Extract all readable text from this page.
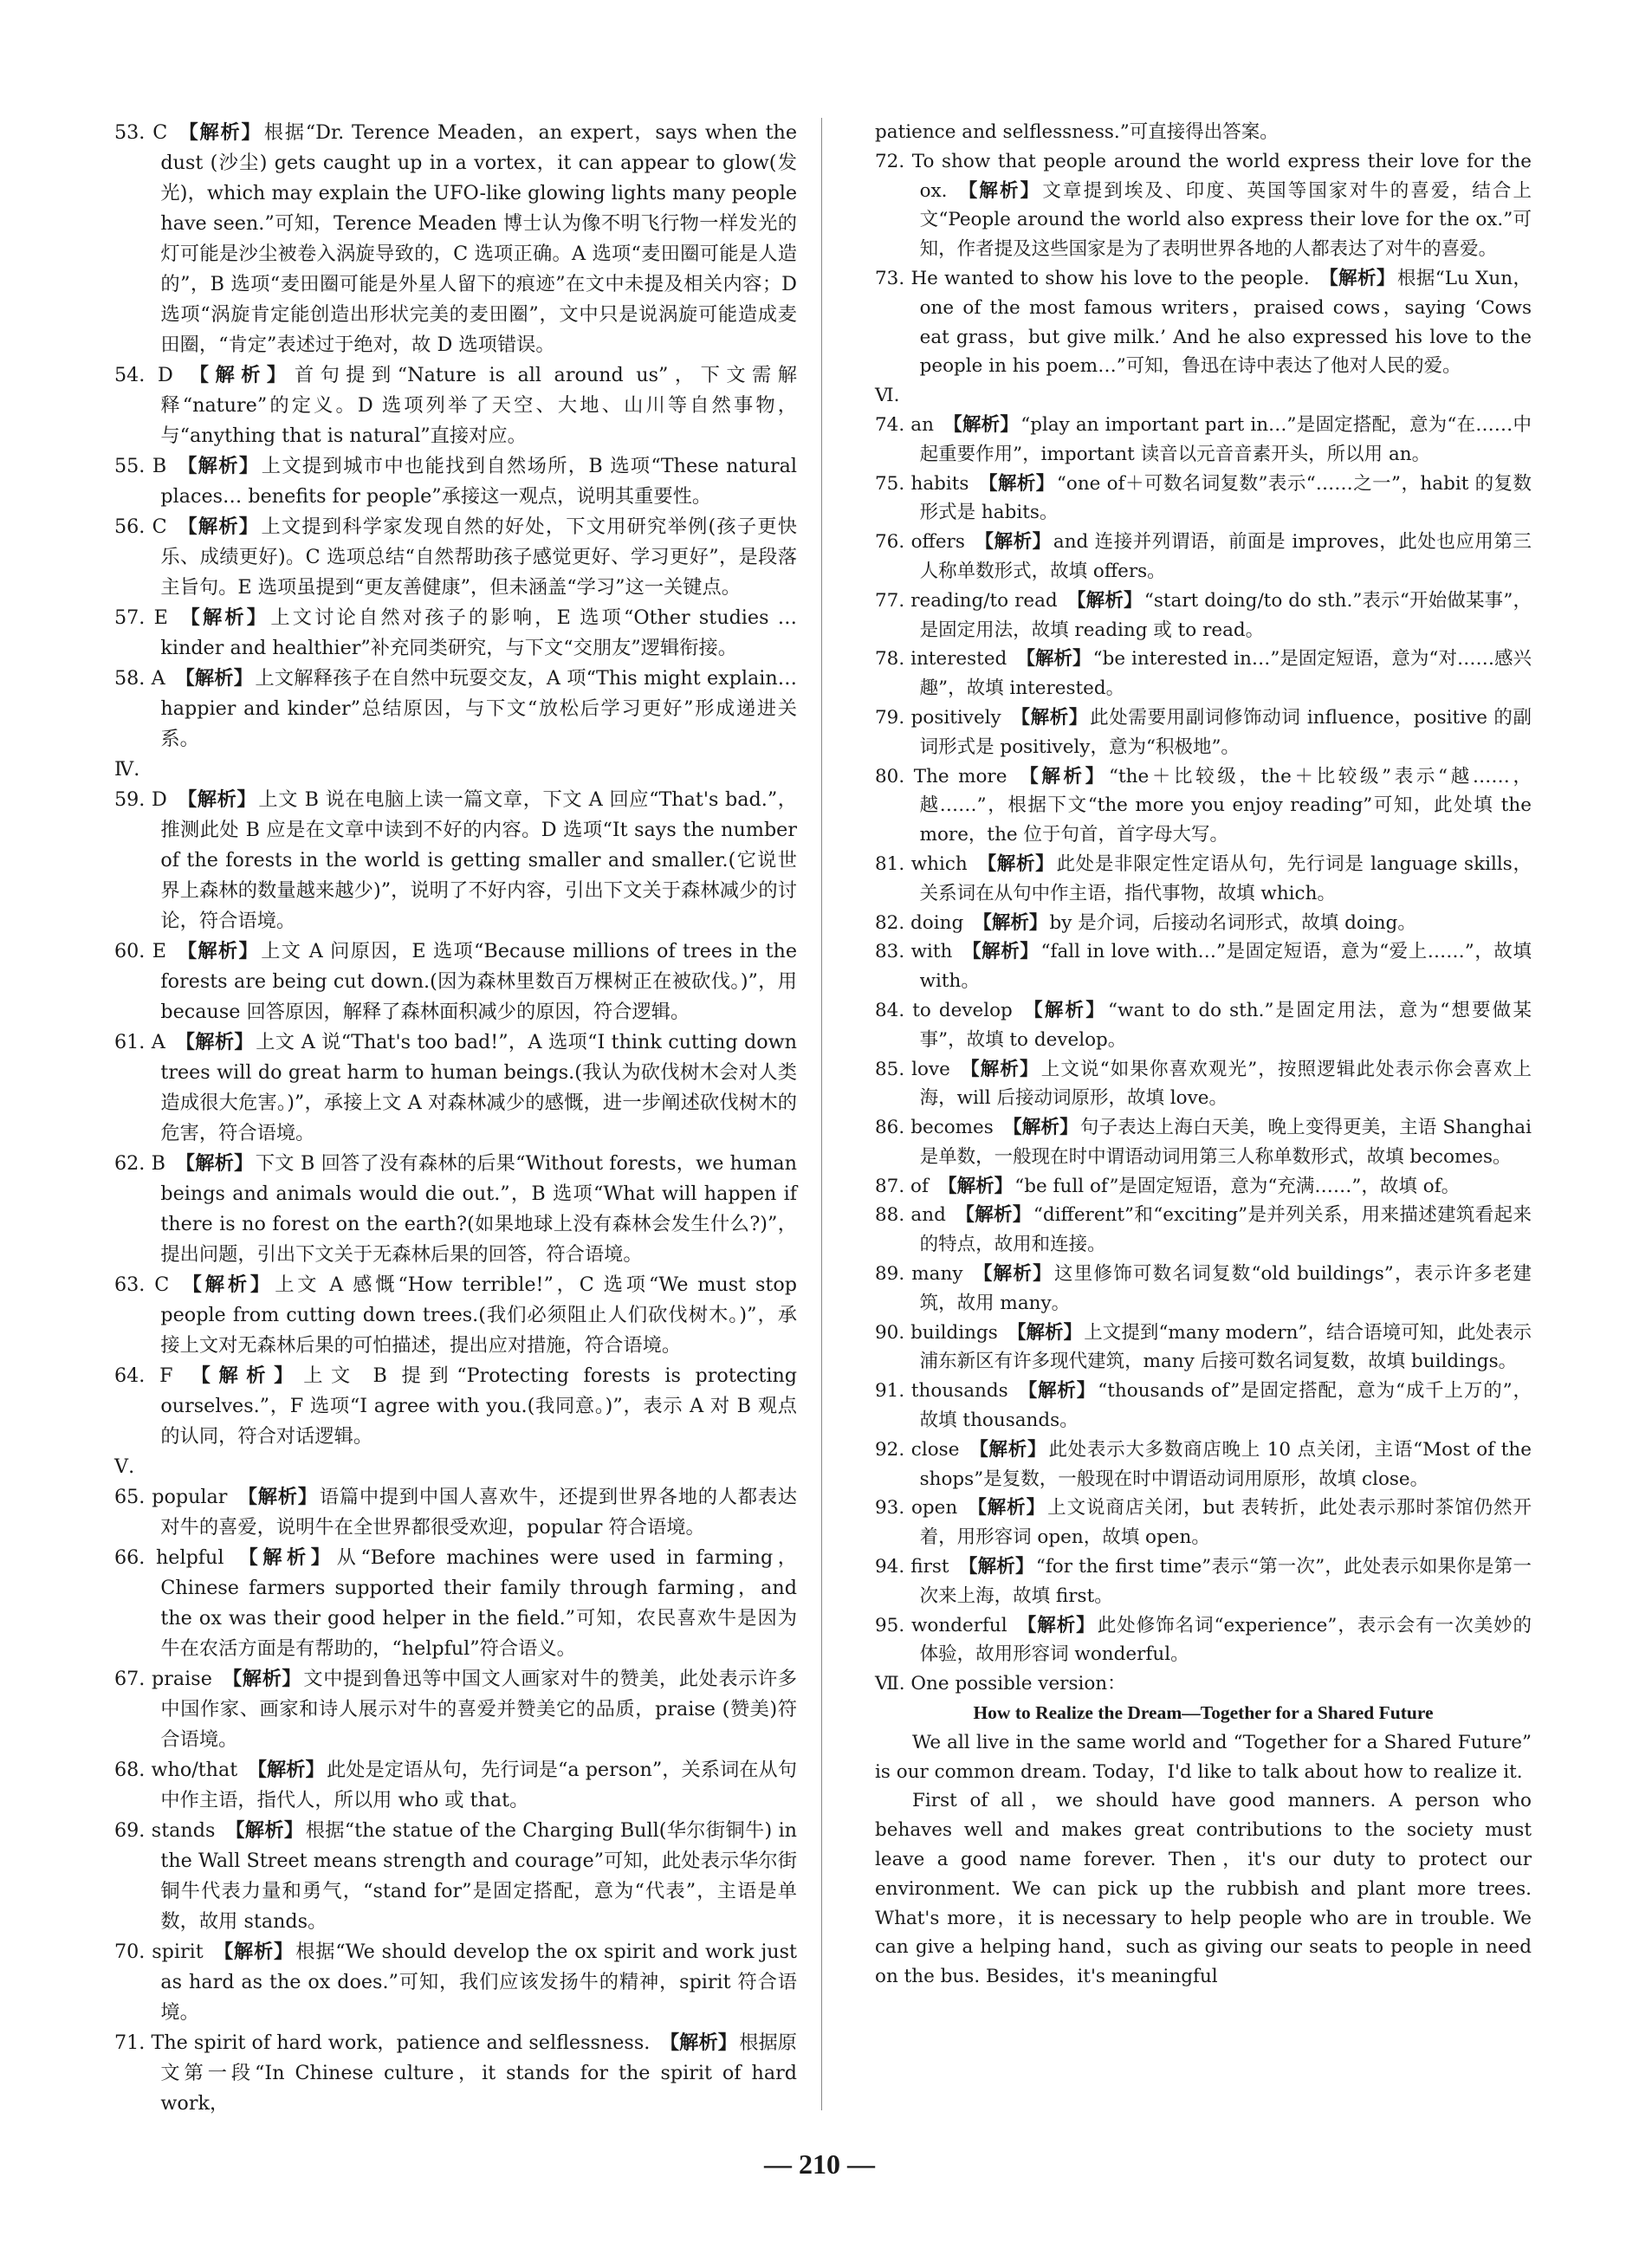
53. C 【解析】根据“Dr. Terence Meaden，an expert，says when the dust (沙尘) gets caught up in a vortex，it can appear to glow(发光)，which may explain the UFO-like glowing lights many people have seen.”可知，Terence Meaden 博士认为像不明飞行物一样发光的灯可能是沙尘被卷入涡旋导致的，C 选项正确。A 选项“麦田圈可能是人造的”，B 选项“麦田圈可能是外星人留下的痕迹”在文中未提及相关内容；D 选项“涡旋肯定能创造出形状完美的麦田圈”，文中只是说涡旋可能造成麦田圈，“肯定”表述过于绝对，故 D 选项错误。

54. D 【解析】首句提到“Nature is all around us”，下文需解释“nature”的定义。D 选项列举了天空、大地、山川等自然事物，与“anything that is natural”直接对应。

55. B 【解析】上文提到城市中也能找到自然场所，B 选项“These natural places… benefits for people”承接这一观点，说明其重要性。

56. C 【解析】上文提到科学家发现自然的好处，下文用研究举例(孩子更快乐、成绩更好)。C 选项总结“自然帮助孩子感觉更好、学习更好”，是段落主旨句。E 选项虽提到“更友善健康”，但未涵盖“学习”这一关键点。

57. E 【解析】上文讨论自然对孩子的影响，E 选项“Other studies … kinder and healthier”补充同类研究，与下文“交朋友”逻辑衔接。

58. A 【解析】上文解释孩子在自然中玩耍交友，A 项“This might explain… happier and kinder”总结原因，与下文“放松后学习更好”形成递进关系。

Ⅳ.

59. D 【解析】上文 B 说在电脑上读一篇文章，下文 A 回应“That's bad.”，推测此处 B 应是在文章中读到不好的内容。D 选项“It says the number of the forests in the world is getting smaller and smaller.(它说世界上森林的数量越来越少)”，说明了不好内容，引出下文关于森林减少的讨论，符合语境。

60. E 【解析】上文 A 问原因，E 选项“Because millions of trees in the forests are being cut down.(因为森林里数百万棵树正在被砍伐。)”，用 because 回答原因，解释了森林面积减少的原因，符合逻辑。

61. A 【解析】上文 A 说“That's too bad!”，A 选项“I think cutting down trees will do great harm to human beings.(我认为砍伐树木会对人类造成很大危害。)”，承接上文 A 对森林减少的感慨，进一步阐述砍伐树木的危害，符合语境。

62. B 【解析】下文 B 回答了没有森林的后果“Without forests，we human beings and animals would die out.”，B 选项“What will happen if there is no forest on the earth?(如果地球上没有森林会发生什么?)”，提出问题，引出下文关于无森林后果的回答，符合语境。

63. C 【解析】上文 A 感慨“How terrible!”，C 选项“We must stop people from cutting down trees.(我们必须阻止人们砍伐树木。)”，承接上文对无森林后果的可怕描述，提出应对措施，符合语境。

64. F 【解析】上文 B 提到“Protecting forests is protecting ourselves.”，F 选项“I agree with you.(我同意。)”，表示 A 对 B 观点的认同，符合对话逻辑。

Ⅴ.

65. popular 【解析】语篇中提到中国人喜欢牛，还提到世界各地的人都表达对牛的喜爱，说明牛在全世界都很受欢迎，popular 符合语境。

66. helpful 【解析】从“Before machines were used in farming，Chinese farmers supported their family through farming，and the ox was their good helper in the field.”可知，农民喜欢牛是因为牛在农活方面是有帮助的，“helpful”符合语义。

67. praise 【解析】文中提到鲁迅等中国文人画家对牛的赞美，此处表示许多中国作家、画家和诗人展示对牛的喜爱并赞美它的品质，praise (赞美)符合语境。

68. who/that 【解析】此处是定语从句，先行词是“a person”，关系词在从句中作主语，指代人，所以用 who 或 that。

69. stands 【解析】根据“the statue of the Charging Bull(华尔街铜牛) in the Wall Street means strength and courage”可知，此处表示华尔街铜牛代表力量和勇气，“stand for”是固定搭配，意为“代表”，主语是单数，故用 stands。

70. spirit 【解析】根据“We should develop the ox spirit and work just as hard as the ox does.”可知，我们应该发扬牛的精神，spirit 符合语境。

71. The spirit of hard work，patience and selflessness. 【解析】根据原文第一段“In Chinese culture，it stands for the spirit of hard work，

patience and selflessness.”可直接得出答案。

72. To show that people around the world express their love for the ox. 【解析】文章提到埃及、印度、英国等国家对牛的喜爱，结合上文“People around the world also express their love for the ox.”可知，作者提及这些国家是为了表明世界各地的人都表达了对牛的喜爱。

73. He wanted to show his love to the people. 【解析】根据“Lu Xun，one of the most famous writers，praised cows，saying ‘Cows eat grass，but give milk.’ And he also expressed his love to the people in his poem…”可知，鲁迅在诗中表达了他对人民的爱。

Ⅵ.

74. an 【解析】“play an important part in…”是固定搭配，意为“在……中起重要作用”，important 读音以元音音素开头，所以用 an。

75. habits 【解析】“one of＋可数名词复数”表示“……之一”，habit 的复数形式是 habits。

76. offers 【解析】and 连接并列谓语，前面是 improves，此处也应用第三人称单数形式，故填 offers。

77. reading/to read 【解析】“start doing/to do sth.”表示“开始做某事”，是固定用法，故填 reading 或 to read。

78. interested 【解析】“be interested in…”是固定短语，意为“对……感兴趣”，故填 interested。

79. positively 【解析】此处需要用副词修饰动词 influence，positive 的副词形式是 positively，意为“积极地”。

80. The more 【解析】“the＋比较级，the＋比较级”表示“越……，越……”，根据下文“the more you enjoy reading”可知，此处填 the more，the 位于句首，首字母大写。

81. which 【解析】此处是非限定性定语从句，先行词是 language skills，关系词在从句中作主语，指代事物，故填 which。

82. doing 【解析】by 是介词，后接动名词形式，故填 doing。

83. with 【解析】“fall in love with…”是固定短语，意为“爱上……”，故填 with。

84. to develop 【解析】“want to do sth.”是固定用法，意为“想要做某事”，故填 to develop。

85. love 【解析】上文说“如果你喜欢观光”，按照逻辑此处表示你会喜欢上海，will 后接动词原形，故填 love。

86. becomes 【解析】句子表达上海白天美，晚上变得更美，主语 Shanghai 是单数，一般现在时中谓语动词用第三人称单数形式，故填 becomes。

87. of 【解析】“be full of”是固定短语，意为“充满……”，故填 of。

88. and 【解析】“different”和“exciting”是并列关系，用来描述建筑看起来的特点，故用和连接。

89. many 【解析】这里修饰可数名词复数“old buildings”，表示许多老建筑，故用 many。

90. buildings 【解析】上文提到“many modern”，结合语境可知，此处表示浦东新区有许多现代建筑，many 后接可数名词复数，故填 buildings。

91. thousands 【解析】“thousands of”是固定搭配，意为“成千上万的”，故填 thousands。

92. close 【解析】此处表示大多数商店晚上 10 点关闭，主语“Most of the shops”是复数，一般现在时中谓语动词用原形，故填 close。

93. open 【解析】上文说商店关闭，but 表转折，此处表示那时茶馆仍然开着，用形容词 open，故填 open。

94. first 【解析】“for the first time”表示“第一次”，此处表示如果你是第一次来上海，故填 first。

95. wonderful 【解析】此处修饰名词“experience”，表示会有一次美妙的体验，故用形容词 wonderful。

Ⅶ. One possible version：

How to Realize the Dream—Together for a Shared Future

We all live in the same world and “Together for a Shared Future” is our common dream. Today，I'd like to talk about how to realize it.

First of all，we should have good manners. A person who behaves well and makes great contributions to the society must leave a good name forever. Then，it's our duty to protect our environment. We can pick up the rubbish and plant more trees. What's more，it is necessary to help people who are in trouble. We can give a helping hand，such as giving our seats to people in need on the bus. Besides，it's meaningful

— 210 —
